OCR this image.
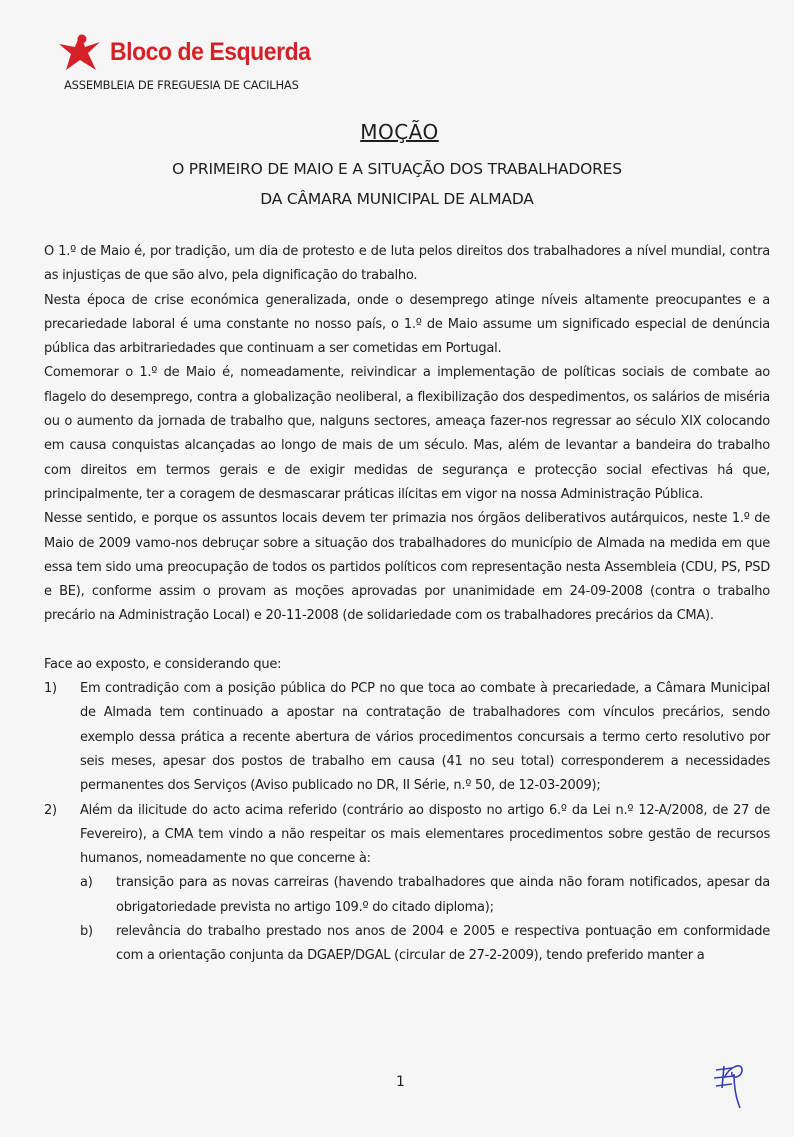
Bloco de Esquerda
ASSEMBLEIA DE FREGUESIA DE CACILHAS
MOÇÃO
O PRIMEIRO DE MAIO E A SITUAÇÃO DOS TRABALHADORES
DA CÂMARA MUNICIPAL DE ALMADA

O 1.º de Maio é, por tradição, um dia de protesto e de luta pelos direitos dos trabalhadores a nível mundial, contra as injustiças de que são alvo, pela dignificação do trabalho.

Nesta época de crise económica generalizada, onde o desemprego atinge níveis altamente preocupantes e a precariedade laboral é uma constante no nosso país, o 1.º de Maio assume um significado especial de denúncia pública das arbitrariedades que continuam a ser cometidas em Portugal.

Comemorar o 1.º de Maio é, nomeadamente, reivindicar a implementação de políticas sociais de combate ao flagelo do desemprego, contra a globalização neoliberal, a flexibilização dos despedimentos, os salários de miséria ou o aumento da jornada de trabalho que, nalguns sectores, ameaça fazer-nos regressar ao século XIX colocando em causa conquistas alcançadas ao longo de mais de um século. Mas, além de levantar a bandeira do trabalho com direitos em termos gerais e de exigir medidas de segurança e protecção social efectivas há que, principalmente, ter a coragem de desmascarar práticas ilícitas em vigor na nossa Administração Pública.

Nesse sentido, e porque os assuntos locais devem ter primazia nos órgãos deliberativos autárquicos, neste 1.º de Maio de 2009 vamo-nos debruçar sobre a situação dos trabalhadores do município de Almada na medida em que essa tem sido uma preocupação de todos os partidos políticos com representação nesta Assembleia (CDU, PS, PSD e BE), conforme assim o provam as moções aprovadas por unanimidade em 24-09-2008 (contra o trabalho precário na Administração Local) e 20-11-2008 (de solidariedade com os trabalhadores precários da CMA).

Face ao exposto, e considerando que:

1)	Em contradição com a posição pública do PCP no que toca ao combate à precariedade, a Câmara Municipal de Almada tem continuado a apostar na contratação de trabalhadores com vínculos precários, sendo exemplo dessa prática a recente abertura de vários procedimentos concursais a termo certo resolutivo por seis meses, apesar dos postos de trabalho em causa (41 no seu total) corresponderem a necessidades permanentes dos Serviços (Aviso publicado no DR, II Série, n.º 50, de 12-03-2009);
2)	Além da ilicitude do acto acima referido (contrário ao disposto no artigo 6.º da Lei n.º 12-A/2008, de 27 de Fevereiro), a CMA tem vindo a não respeitar os mais elementares procedimentos sobre gestão de recursos humanos, nomeadamente no que concerne à:
a)	transição para as novas carreiras (havendo trabalhadores que ainda não foram notificados, apesar da obrigatoriedade prevista no artigo 109.º do citado diploma);
b)	relevância do trabalho prestado nos anos de 2004 e 2005 e respectiva pontuação em conformidade com a orientação conjunta da DGAEP/DGAL (circular de 27-2-2009), tendo preferido manter a
1
